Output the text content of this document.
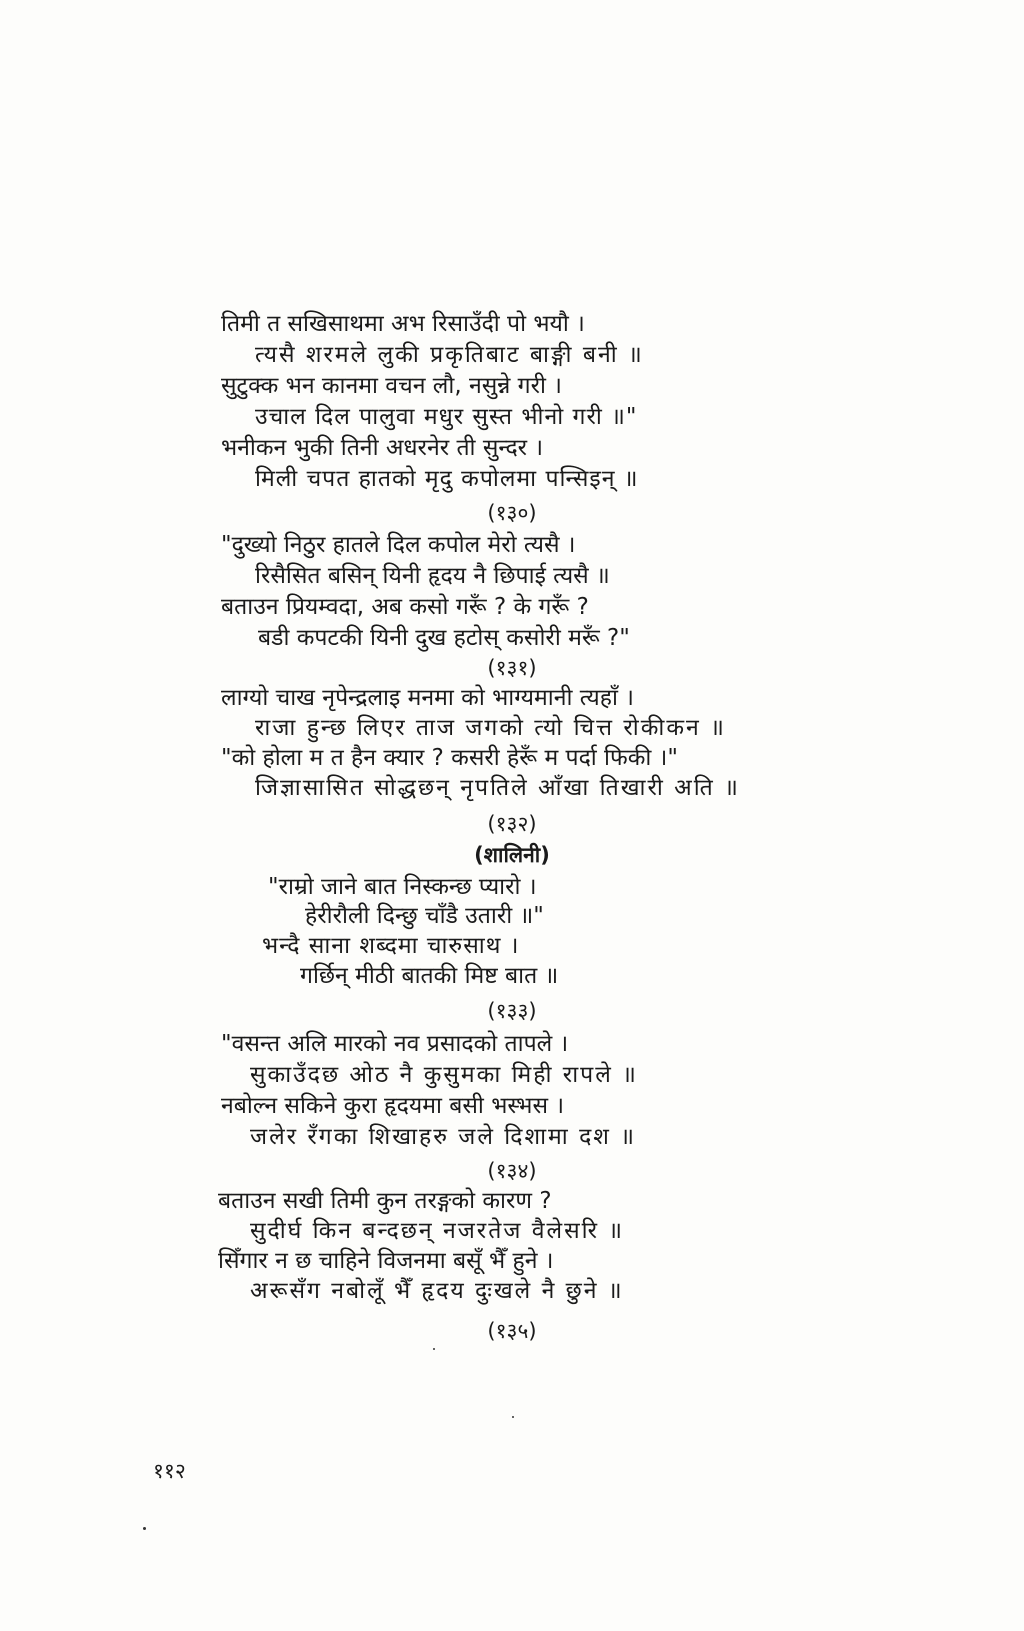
तिमी त सखिसाथमा अभ रिसाउँदी पो भयौ ।
त्यसै शरमले लुकी प्रकृतिबाट बाङ्गी बनी ॥
सुटुक्क भन कानमा वचन लौ, नसुन्ने गरी ।
उचाल दिल पालुवा मधुर सुस्त भीनो गरी ॥"
भनीकन भुकी तिनी अधरनेर ती सुन्दर ।
मिली चपत हातको मृदु कपोलमा पन्सिइन् ॥
(१३०)
"दुख्यो निठुर हातले दिल कपोल मेरो त्यसै ।
रिसैसित बसिन् यिनी हृदय नै छिपाई त्यसै ॥
बताउन प्रियम्वदा, अब कसो गरूँ ? के गरूँ ?
बडी कपटकी यिनी दुख हटोस् कसोरी मरूँ ?"
(१३१)
लाग्यो चाख नृपेन्द्रलाइ मनमा को भाग्यमानी त्यहाँ ।
राजा हुन्छ लिएर ताज जगको त्यो चित्त रोकीकन ॥
"को होला म त हैन क्यार ? कसरी हेरूँ म पर्दा फिकी ।"
जिज्ञासासित सोद्धछन् नृपतिले आँखा तिखारी अति ॥
(१३२)
(शालिनी)
"राम्रो जाने बात निस्कन्छ प्यारो ।
हेरीरौली दिन्छु चाँडै उतारी ॥"
भन्दै साना शब्दमा चारुसाथ ।
गर्छिन् मीठी बातकी मिष्ट बात ॥
(१३३)
"वसन्त अलि मारको नव प्रसादको तापले ।
सुकाउँदछ ओठ नै कुसुमका मिही रापले ॥
नबोल्न सकिने कुरा हृदयमा बसी भस्भस ।
जलेर रँगका शिखाहरु जले दिशामा दश ॥
(१३४)
बताउन सखी तिमी कुन तरङ्गको कारण ?
सुदीर्घ किन बन्दछन् नजरतेज वैलेसरि ॥
सिँगार न छ चाहिने विजनमा बसूँ भैँ हुने ।
अरूसँग नबोलूँ भैँ हृदय दुःखले नै छुने ॥
(१३५)
११२
